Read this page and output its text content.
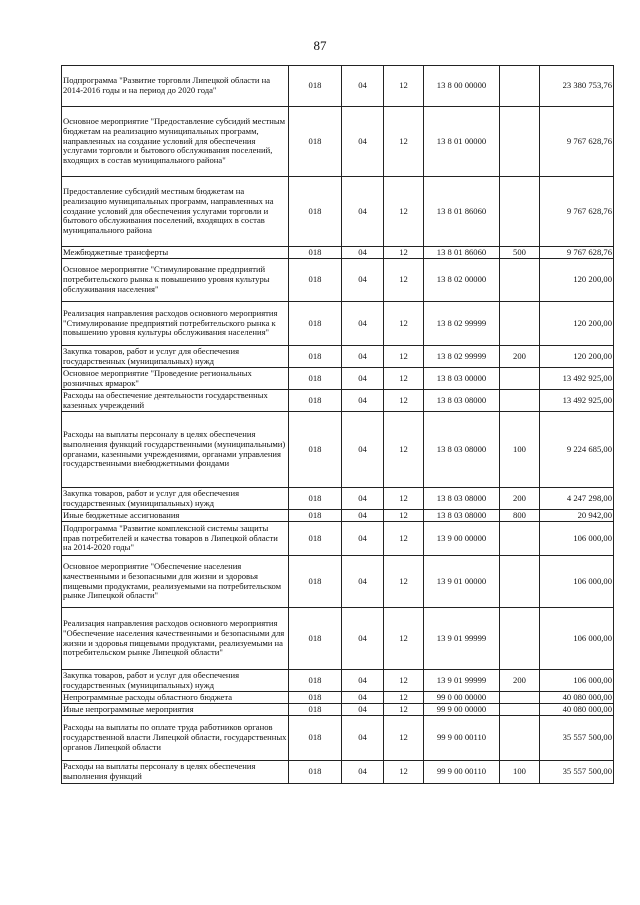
87
Подпрограмма "Развитие торговли Липецкой области на 2014-2016 годы и на период до 2020 года"	018	04	12	13 8 00 00000		23 380 753,76
Основное мероприятие "Предоставление субсидий местным бюджетам на реализацию муниципальных программ, направленных на создание условий для обеспечения услугами торговли и бытового обслуживания поселений, входящих в состав муниципального района"	018	04	12	13 8 01 00000		9 767 628,76
Предоставление субсидий местным бюджетам на реализацию муниципальных программ, направленных на создание условий для обеспечения услугами торговли и бытового обслуживания поселений, входящих в состав муниципального района	018	04	12	13 8 01 86060		9 767 628,76
Межбюджетные трансферты	018	04	12	13 8 01 86060	500	9 767 628,76
Основное мероприятие "Стимулирование предприятий потребительского рынка к повышению уровня культуры обслуживания населения"	018	04	12	13 8 02 00000		120 200,00
Реализация направления расходов основного мероприятия "Стимулирование предприятий потребительского рынка к повышению уровня культуры обслуживания населения"	018	04	12	13 8 02 99999		120 200,00
Закупка товаров, работ и услуг для обеспечения государственных (муниципальных) нужд	018	04	12	13 8 02 99999	200	120 200,00
Основное мероприятие "Проведение региональных розничных ярмарок"	018	04	12	13 8 03 00000		13 492 925,00
Расходы на обеспечение деятельности государственных казенных учреждений	018	04	12	13 8 03 08000		13 492 925,00
Расходы на выплаты персоналу в целях обеспечения выполнения функций государственными (муниципальными) органами, казенными учреждениями, органами управления государственными внебюджетными фондами	018	04	12	13 8 03 08000	100	9 224 685,00
Закупка товаров, работ и услуг для обеспечения государственных (муниципальных) нужд	018	04	12	13 8 03 08000	200	4 247 298,00
Иные бюджетные ассигнования	018	04	12	13 8 03 08000	800	20 942,00
Подпрограмма "Развитие комплексной системы защиты прав потребителей и качества товаров в Липецкой области на 2014-2020 годы"	018	04	12	13 9 00 00000		106 000,00
Основное мероприятие "Обеспечение населения качественными и безопасными для жизни и здоровья пищевыми продуктами, реализуемыми на потребительском рынке Липецкой области"	018	04	12	13 9 01 00000		106 000,00
Реализация направления расходов основного мероприятия "Обеспечение населения качественными и безопасными для жизни и здоровья пищевыми продуктами, реализуемыми на потребительском рынке Липецкой области"	018	04	12	13 9 01 99999		106 000,00
Закупка товаров, работ и услуг для обеспечения государственных (муниципальных) нужд	018	04	12	13 9 01 99999	200	106 000,00
Непрограммные расходы областного бюджета	018	04	12	99 0 00 00000		40 080 000,00
Иные непрограммные мероприятия	018	04	12	99 9 00 00000		40 080 000,00
Расходы на выплаты по оплате труда работников органов государственной власти Липецкой области, государственных органов Липецкой области	018	04	12	99 9 00 00110		35 557 500,00
Расходы на выплаты персоналу в целях обеспечения выполнения функций	018	04	12	99 9 00 00110	100	35 557 500,00
